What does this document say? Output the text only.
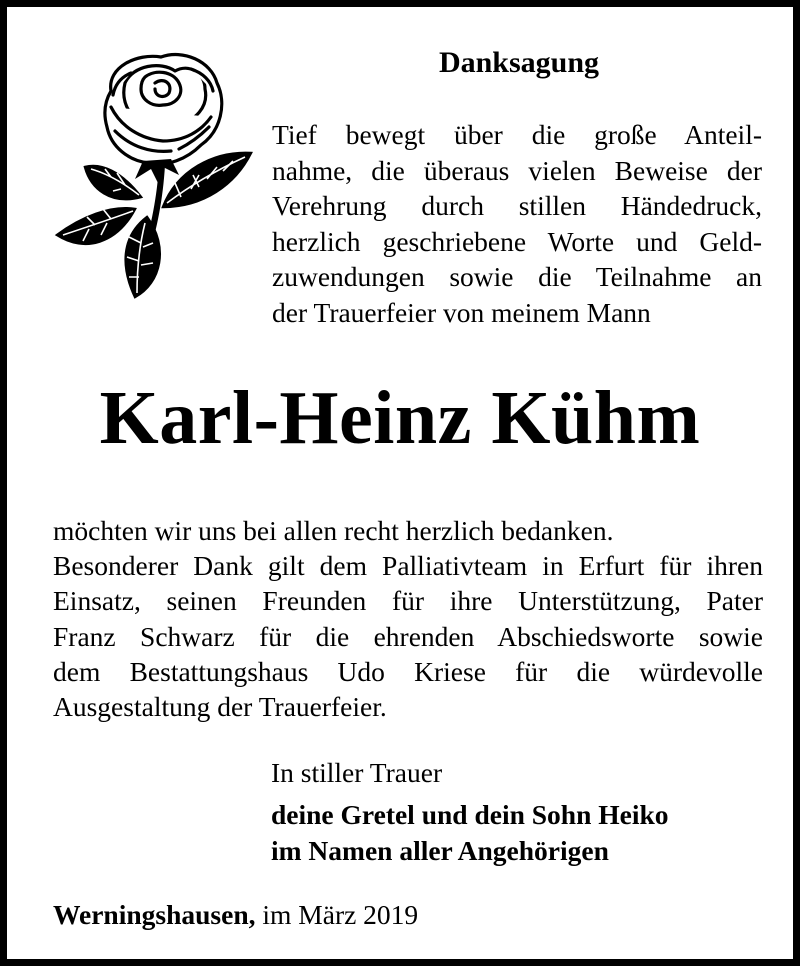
Danksagung
Tief bewegt über die große Anteil-
nahme, die überaus vielen Beweise der
Verehrung durch stillen Händedruck,
herzlich geschriebene Worte und Geld-
zuwendungen sowie die Teilnahme an
der Trauerfeier von meinem Mann
Karl-Heinz Kühm
möchten wir uns bei allen recht herzlich bedanken.
Besonderer Dank gilt dem Palliativteam in Erfurt für ihren
Einsatz, seinen Freunden für ihre Unterstützung, Pater
Franz Schwarz für die ehrenden Abschiedsworte sowie
dem Bestattungshaus Udo Kriese für die würdevolle
Ausgestaltung der Trauerfeier.
In stiller Trauer
deine Gretel und dein Sohn Heiko
im Namen aller Angehörigen
Werningshausen, im März 2019
